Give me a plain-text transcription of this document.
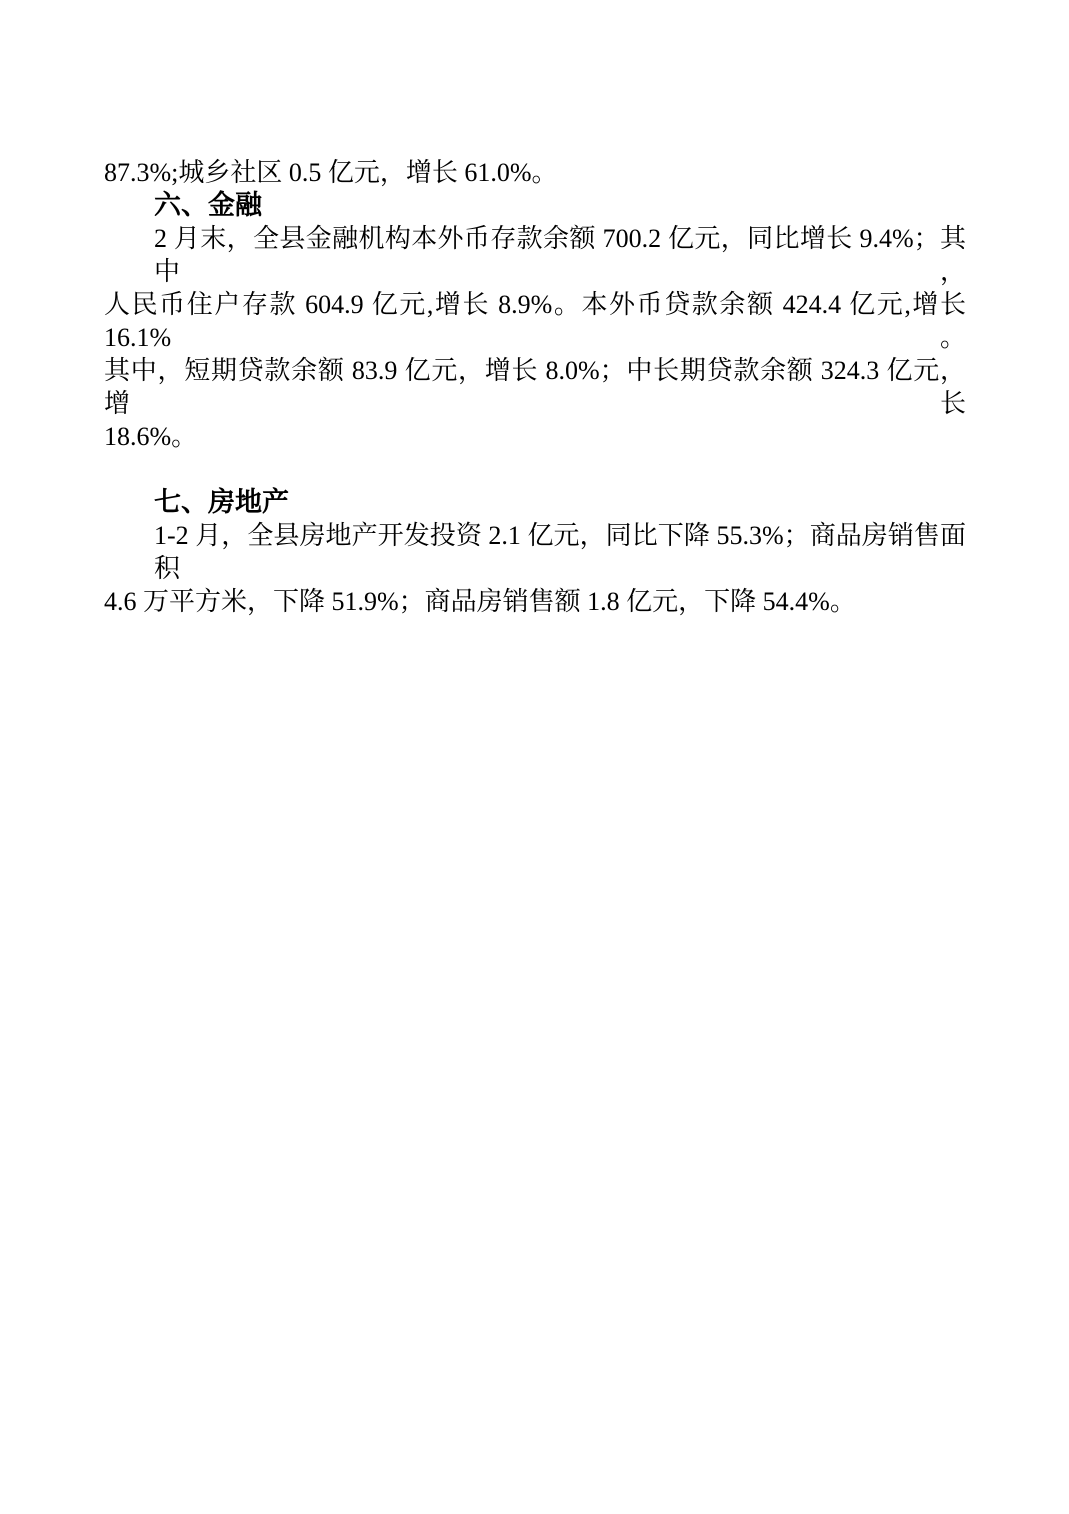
87.3%;城乡社区 0.5 亿元，增长 61.0%。
六、金融
2 月末，全县金融机构本外币存款余额 700.2 亿元，同比增长 9.4%；其中，
人民币住户存款 604.9 亿元,增长 8.9%。本外币贷款余额 424.4 亿元,增长 16.1%。
其中，短期贷款余额 83.9 亿元，增长 8.0%；中长期贷款余额 324.3 亿元，增长
18.6%。
七、房地产
1-2 月，全县房地产开发投资 2.1 亿元，同比下降 55.3%；商品房销售面积
4.6 万平方米，下降 51.9%；商品房销售额 1.8 亿元，下降 54.4%。
